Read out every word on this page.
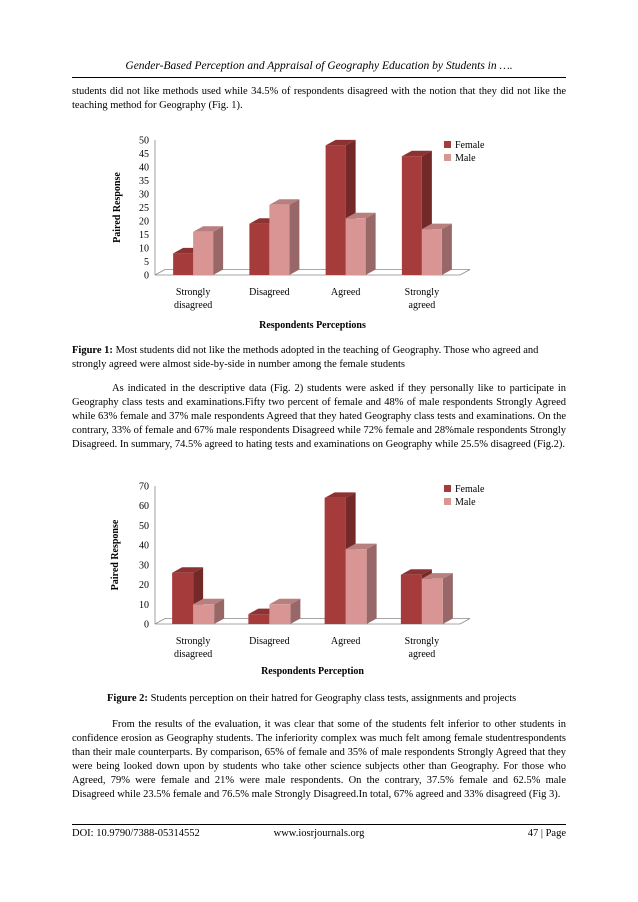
Gender-Based Perception and Appraisal of Geography Education by Students in ….

students did not like methods used while 34.5% of respondents disagreed with the notion that they did not like the teaching method for Geography (Fig. 1).

0
5
10
15
20
25
30
35
40
45
50
Strongly disagreed
Disagreed	Agreed	Strongly agreed
Paired Response
Respondents Perceptions
Female
Male

Figure 1: Most students did not like the methods adopted in the teaching of Geography. Those who agreed and strongly agreed were almost side-by-side in number among the female students

As indicated in the descriptive data (Fig. 2) students were asked if they personally like to participate in Geography class tests and examinations.Fifty two percent of female and 48% of male respondents Strongly Agreed while 63% female and 37% male respondents Agreed that they hated Geography class tests and examinations. On the contrary, 33% of female and 67% male respondents Disagreed while 72% female and 28%male respondents Strongly Disagreed. In summary, 74.5% agreed to hating tests and examinations on Geography while 25.5% disagreed (Fig.2).

0
10
20
30
40
50
60
70
Strongly disagreed
Disagreed	Agreed	Strongly agreed
Paired Response
Respondents Perception
Female
Male

Figure 2: Students perception on their hatred for Geography class tests, assignments and projects

From the results of the evaluation, it was clear that some of the students felt inferior to other students in confidence erosion as Geography students. The inferiority complex was much felt among female studentrespondents than their male counterparts. By comparison, 65% of female and 35% of male respondents Strongly Agreed that they were being looked down upon by students who take other science subjects other than Geography. For those who Agreed, 79% were female and 21% were male respondents. On the contrary, 37.5% female and 62.5% male Disagreed while 23.5% female and 76.5% male Strongly Disagreed.In total, 67% agreed and 33% disagreed (Fig 3).

DOI: 10.9790/7388-05314552	www.iosrjournals.org	47 | Page
